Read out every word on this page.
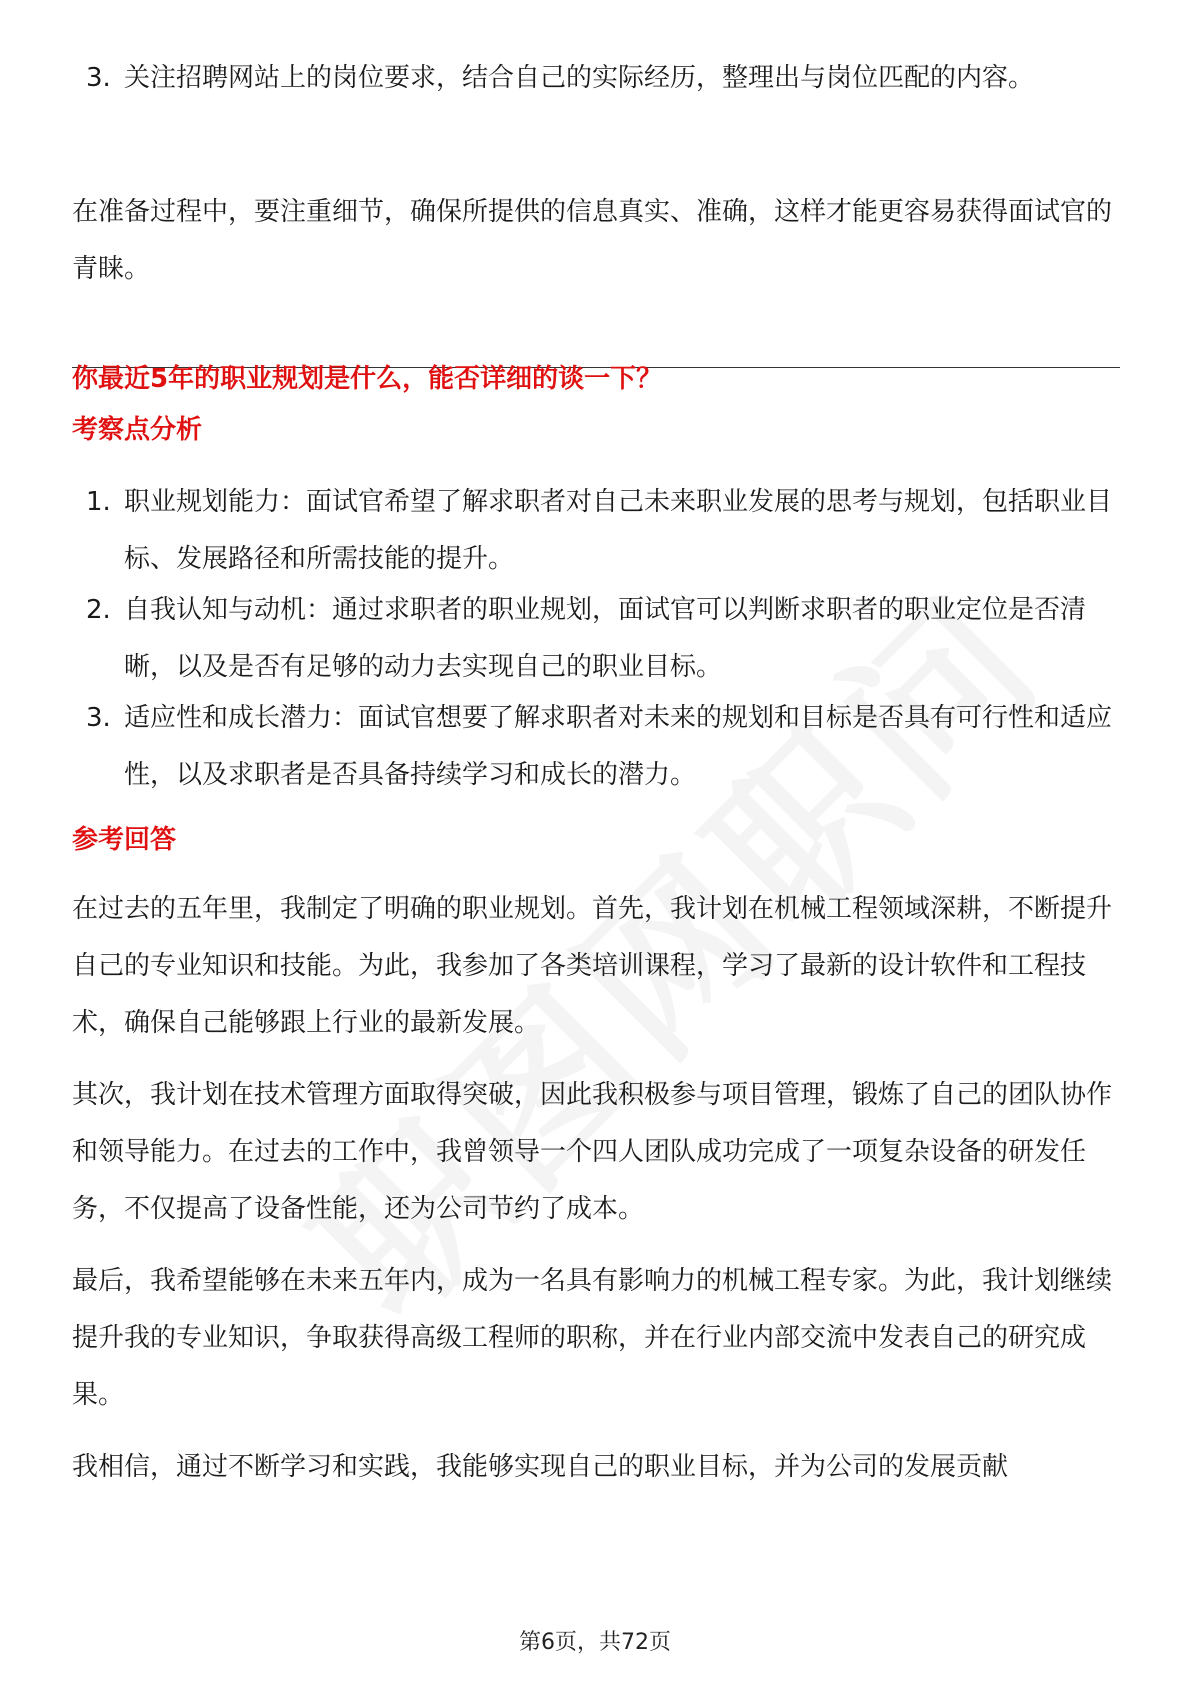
3. 关注招聘网站上的岗位要求，结合自己的实际经历，整理出与岗位匹配的内容。
在准备过程中，要注重细节，确保所提供的信息真实、准确，这样才能更容易获得面试官的青睐。
你最近5年的职业规划是什么，能否详细的谈一下？
考察点分析
1. 职业规划能力：面试官希望了解求职者对自己未来职业发展的思考与规划，包括职业目标、发展路径和所需技能的提升。
2. 自我认知与动机：通过求职者的职业规划，面试官可以判断求职者的职业定位是否清晰，以及是否有足够的动力去实现自己的职业目标。
3. 适应性和成长潜力：面试官想要了解求职者对未来的规划和目标是否具有可行性和适应性，以及求职者是否具备持续学习和成长的潜力。
参考回答
在过去的五年里，我制定了明确的职业规划。首先，我计划在机械工程领域深耕，不断提升自己的专业知识和技能。为此，我参加了各类培训课程，学习了最新的设计软件和工程技术，确保自己能够跟上行业的最新发展。
其次，我计划在技术管理方面取得突破，因此我积极参与项目管理，锻炼了自己的团队协作和领导能力。在过去的工作中，我曾领导一个四人团队成功完成了一项复杂设备的研发任务，不仅提高了设备性能，还为公司节约了成本。
最后，我希望能够在未来五年内，成为一名具有影响力的机械工程专家。为此，我计划继续提升我的专业知识，争取获得高级工程师的职称，并在行业内部交流中发表自己的研究成果。
我相信，通过不断学习和实践，我能够实现自己的职业目标，并为公司的发展贡献
第6页，共72页
